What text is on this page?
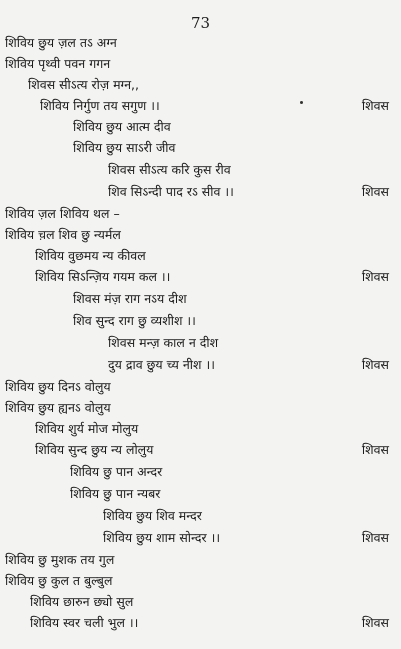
73
शिविय छुय ज़ल तऽ अग्न
शिविय पृथ्वी पवन गगन
शिवस सीऽत्य रोज़ मग्न,,
शिविय निर्गुण तय सगुण ।।
शिविय छुय आत्म दीव
शिविय छुय साऽरी जीव
शिवस सीऽत्य करि कुस रीव
शिव सिऽन्दी पाद रऽ सीव ।।
शिविय ज़ल शिविय थल –
शिविय च़ल शिव छु न्यर्मल
शिविय वुछमय न्य कीवल
शिविय सिऽन्ज़िय गयम कल ।।
शिवस मंज़ राग नऽय दीश
शिव सुन्द राग छु व्यशीश ।।
शिवस मन्ज़ काल न दीश
दुय द्राव छुय च्य नीश ।।
शिविय छुय दिनऽ वोलुय
शिविय छुय ह्यनऽ वोलुय
शिविय शुर्य मोज मोलुय
शिविय सुन्द छुय न्य लोलुय
शिविय छु पान अन्दर
शिविय छु पान न्यबर
शिविय छुय शिव मन्दर
शिविय छुय शाम सोन्दर ।।
शिविय छु मुशक तय गुल
शिविय छु कुल त बुल्बुल
शिविय छारुन छ्यो सुल
शिविय स्वर चली भुल ।।
शिवस
शिवस
शिवस
शिवस
शिवस
शिवस
शिवस
